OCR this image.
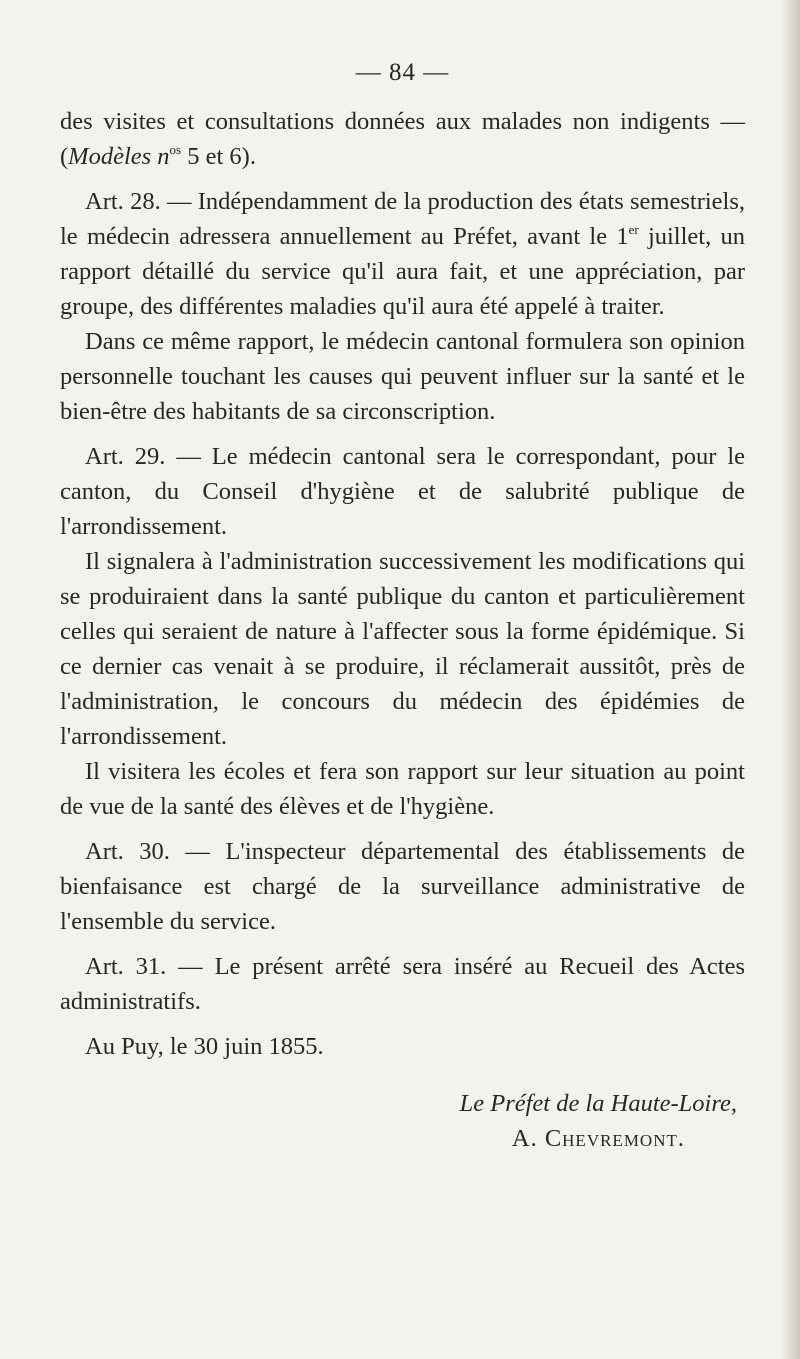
— 84 —

des visites et consultations données aux malades non indigents — (Modèles $n^{os}$ 5 et 6).

Art. 28. — Indépendamment de la production des états semestriels, le médecin adressera annuellement au Préfet, avant le 1er juillet, un rapport détaillé du service qu'il aura fait, et une appréciation, par groupe, des différentes maladies qu'il aura été appelé à traiter.

Dans ce même rapport, le médecin cantonal formulera son opinion personnelle touchant les causes qui peuvent influer sur la santé et le bien-être des habitants de sa circonscription.

Art. 29. — Le médecin cantonal sera le correspondant, pour le canton, du Conseil d'hygiène et de salubrité publique de l'arrondissement.

Il signalera à l'administration successivement les modifications qui se produiraient dans la santé publique du canton et particulièrement celles qui seraient de nature à l'affecter sous la forme épidémique. Si ce dernier cas venait à se produire, il réclamerait aussitôt, près de l'administration, le concours du médecin des épidémies de l'arrondissement.

Il visitera les écoles et fera son rapport sur leur situation au point de vue de la santé des élèves et de l'hygiène.

Art. 30. — L'inspecteur départemental des établissements de bienfaisance est chargé de la surveillance administrative de l'ensemble du service.

Art. 31. — Le présent arrêté sera inséré au Recueil des Actes administratifs.

Au Puy, le 30 juin 1855.
Le Préfet de la Haute-Loire,
A. Chevremont.
